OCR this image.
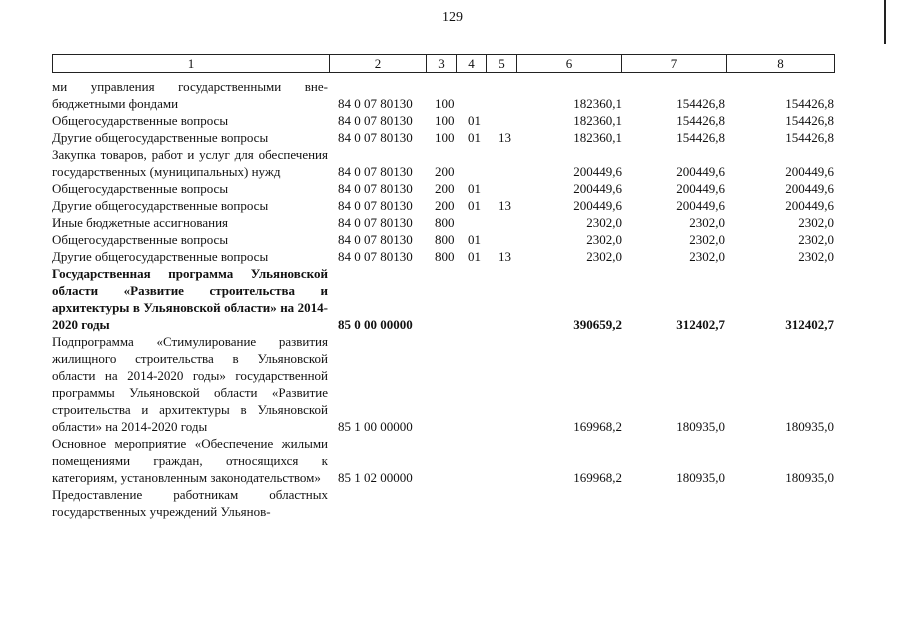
129
1	2	3	4	5	6	7	8
ми управления государственными вне-бюджетными фондами	84 0 07 80130 100	182360,1	154426,8	154426,8
Общегосударственные вопросы	84 0 07 80130 100 01	182360,1	154426,8	154426,8
Другие общегосударственные вопросы	84 0 07 80130 100 01 13	182360,1	154426,8	154426,8
Закупка товаров, работ и услуг для обеспечения государственных (муниципальных) нужд	84 0 07 80130 200	200449,6	200449,6	200449,6
Общегосударственные вопросы	84 0 07 80130 200 01	200449,6	200449,6	200449,6
Другие общегосударственные вопросы	84 0 07 80130 200 01 13	200449,6	200449,6	200449,6
Иные бюджетные ассигнования	84 0 07 80130 800	2302,0	2302,0	2302,0
Общегосударственные вопросы	84 0 07 80130 800 01	2302,0	2302,0	2302,0
Другие общегосударственные вопросы	84 0 07 80130 800 01 13	2302,0	2302,0	2302,0
Государственная программа Ульяновской области «Развитие строительства и архитектуры в Ульяновской области» на 2014-2020 годы	85 0 00 00000	390659,2	312402,7	312402,7
Подпрограмма «Стимулирование развития жилищного строительства в Ульяновской области на 2014-2020 годы» государственной программы Ульяновской области «Развитие строительства и архитектуры в Ульяновской области» на 2014-2020 годы	85 1 00 00000	169968,2	180935,0	180935,0
Основное мероприятие «Обеспечение жилыми помещениями граждан, относящихся к категориям, установленным законодательством»	85 1 02 00000	169968,2	180935,0	180935,0
Предоставление работникам областных государственных учреждений Ульянов-
